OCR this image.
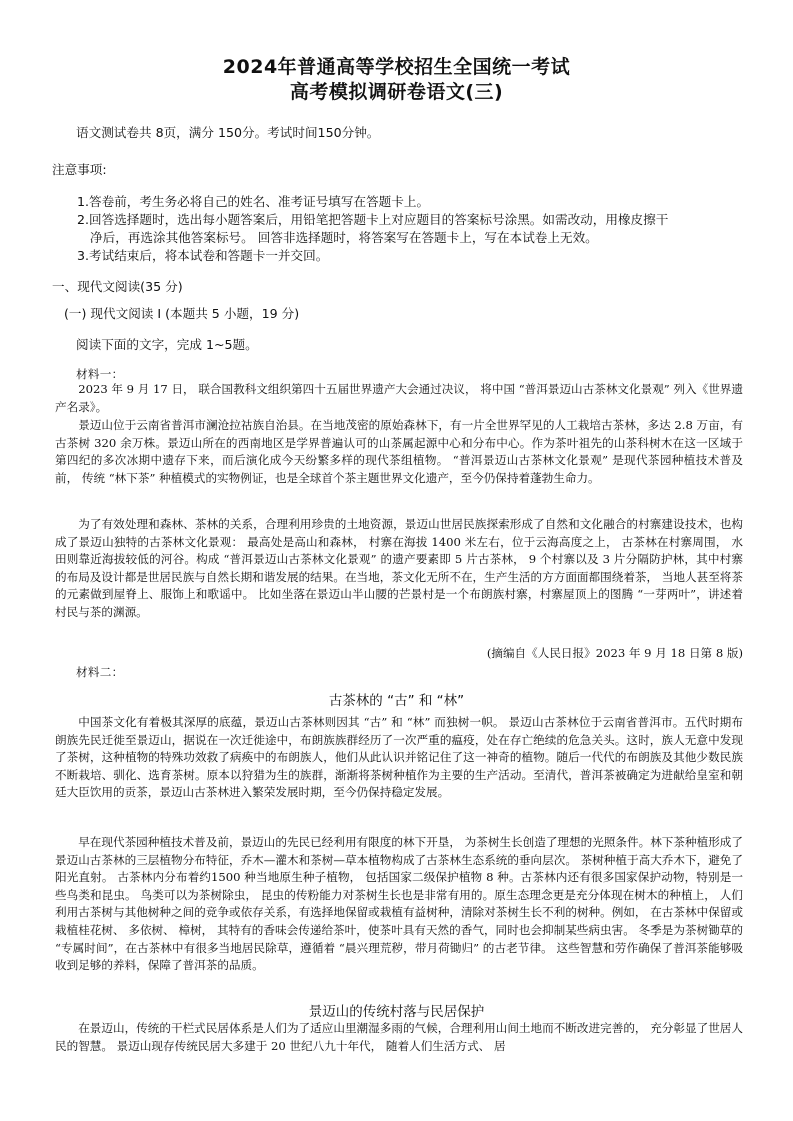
2024年普通高等学校招生全国统一考试
高考模拟调研卷语文(三)
语文测试卷共 8页，满分 150分。考试时间150分钟。
注意事项:
1.答卷前，考生务必将自己的姓名、准考证号填写在答题卡上。
2.回答选择题时，选出每小题答案后，用铅笔把答题卡上对应题目的答案标号涂黑。如需改动，用橡皮擦干
净后，再选涂其他答案标号。 回答非选择题时，将答案写在答题卡上，写在本试卷上无效。
3.考试结束后，将本试卷和答题卡一并交回。
一、现代文阅读(35 分)
(一) 现代文阅读 Ⅰ (本题共 5 小题，19 分)
阅读下面的文字，完成 1~5题。
材料一：
2023 年 9 月 17 日， 联合国教科文组织第四十五届世界遗产大会通过决议， 将中国 “普洱景迈山古茶林文化景观” 列入《世界遗产名录》。
景迈山位于云南省普洱市澜沧拉祜族自治县。在当地茂密的原始森林下，有一片全世界罕见的人工栽培古茶林，多达 2.8 万亩，有古茶树 320 余万株。景迈山所在的西南地区是学界普遍认可的山茶属起源中心和分布中心。作为茶叶祖先的山茶科树木在这一区域于第四纪的多次冰期中遗存下来，而后演化成今天纷繁多样的现代茶组植物。 “普洱景迈山古茶林文化景观” 是现代茶园种植技术普及前， 传统 “林下茶” 种植模式的实物例证，也是全球首个茶主题世界文化遗产，至今仍保持着蓬勃生命力。
为了有效处理和森林、茶林的关系，合理利用珍贵的土地资源，景迈山世居民族探索形成了自然和文化融合的村寨建设技术，也构成了景迈山独特的古茶林文化景观： 最高处是高山和森林， 村寨在海拔 1400 米左右，位于云海高度之上， 古茶林在村寨周围， 水田则靠近海拔较低的河谷。构成 “普洱景迈山古茶林文化景观” 的遗产要素即 5 片古茶林， 9 个村寨以及 3 片分隔防护林，其中村寨的布局及设计都是世居民族与自然长期和谐发展的结果。在当地，茶文化无所不在，生产生活的方方面面都围绕着茶， 当地人甚至将茶的元素做到屋脊上、服饰上和歌谣中。 比如坐落在景迈山半山腰的芒景村是一个布朗族村寨，村寨屋顶上的图腾 “一芽两叶”，讲述着村民与茶的渊源。
(摘编自《人民日报》2023 年 9 月 18 日第 8 版)
材料二：
古茶林的 “古” 和 “林”
中国茶文化有着极其深厚的底蕴，景迈山古茶林则因其 “古” 和 “林” 而独树一帜。 景迈山古茶林位于云南省普洱市。五代时期布朗族先民迁徙至景迈山，据说在一次迁徙途中，布朗族族群经历了一次严重的瘟疫，处在存亡绝续的危急关头。这时，族人无意中发现了茶树，这种植物的特殊功效救了病痪中的布朗族人，他们从此认识并铭记住了这一神奇的植物。随后一代代的布朗族及其他少数民族不断栽培、驯化、选育茶树。原本以狩猎为生的族群，渐渐将茶树种植作为主要的生产活动。至清代，普洱茶被确定为进献给皇室和朝廷大臣饮用的贡茶，景迈山古茶林进入繁荣发展时期，至今仍保持稳定发展。
早在现代茶园种植技术普及前，景迈山的先民已经利用有限度的林下开垦， 为茶树生长创造了理想的光照条件。林下茶种植形成了景迈山古茶林的三层植物分布特征，乔木—灌木和茶树—草本植物构成了古茶林生态系统的垂向层次。 茶树种植于高大乔木下，避免了阳光直射。 古茶林内分布着约1500 种当地原生种子植物， 包括国家二级保护植物 8 种。古茶林内还有很多国家保护动物，特别是一些鸟类和昆虫。 鸟类可以为茶树除虫， 昆虫的传粉能力对茶树生长也是非常有用的。原生态理念更是充分体现在树木的种植上， 人们利用古茶树与其他树种之间的竞争或依存关系，有选择地保留或栽植有益树种，清除对茶树生长不利的树种。例如， 在古茶林中保留或栽植桂花树、 多依树、 樟树， 其特有的香味会传递给茶叶，使茶叶具有天然的香气，同时也会抑制某些病虫害。 冬季是为茶树锄草的 “专属时间”，在古茶林中有很多当地居民除草，遵循着 “晨兴理荒秽，带月荷锄归” 的古老节律。 这些智慧和劳作确保了普洱茶能够吸收到足够的养料，保障了普洱茶的品质。
景迈山的传统村落与民居保护
在景迈山，传统的干栏式民居体系是人们为了适应山里潮湿多雨的气候，合理利用山间土地而不断改进完善的， 充分彰显了世居人民的智慧。 景迈山现存传统民居大多建于 20 世纪八九十年代， 随着人们生活方式、 居
